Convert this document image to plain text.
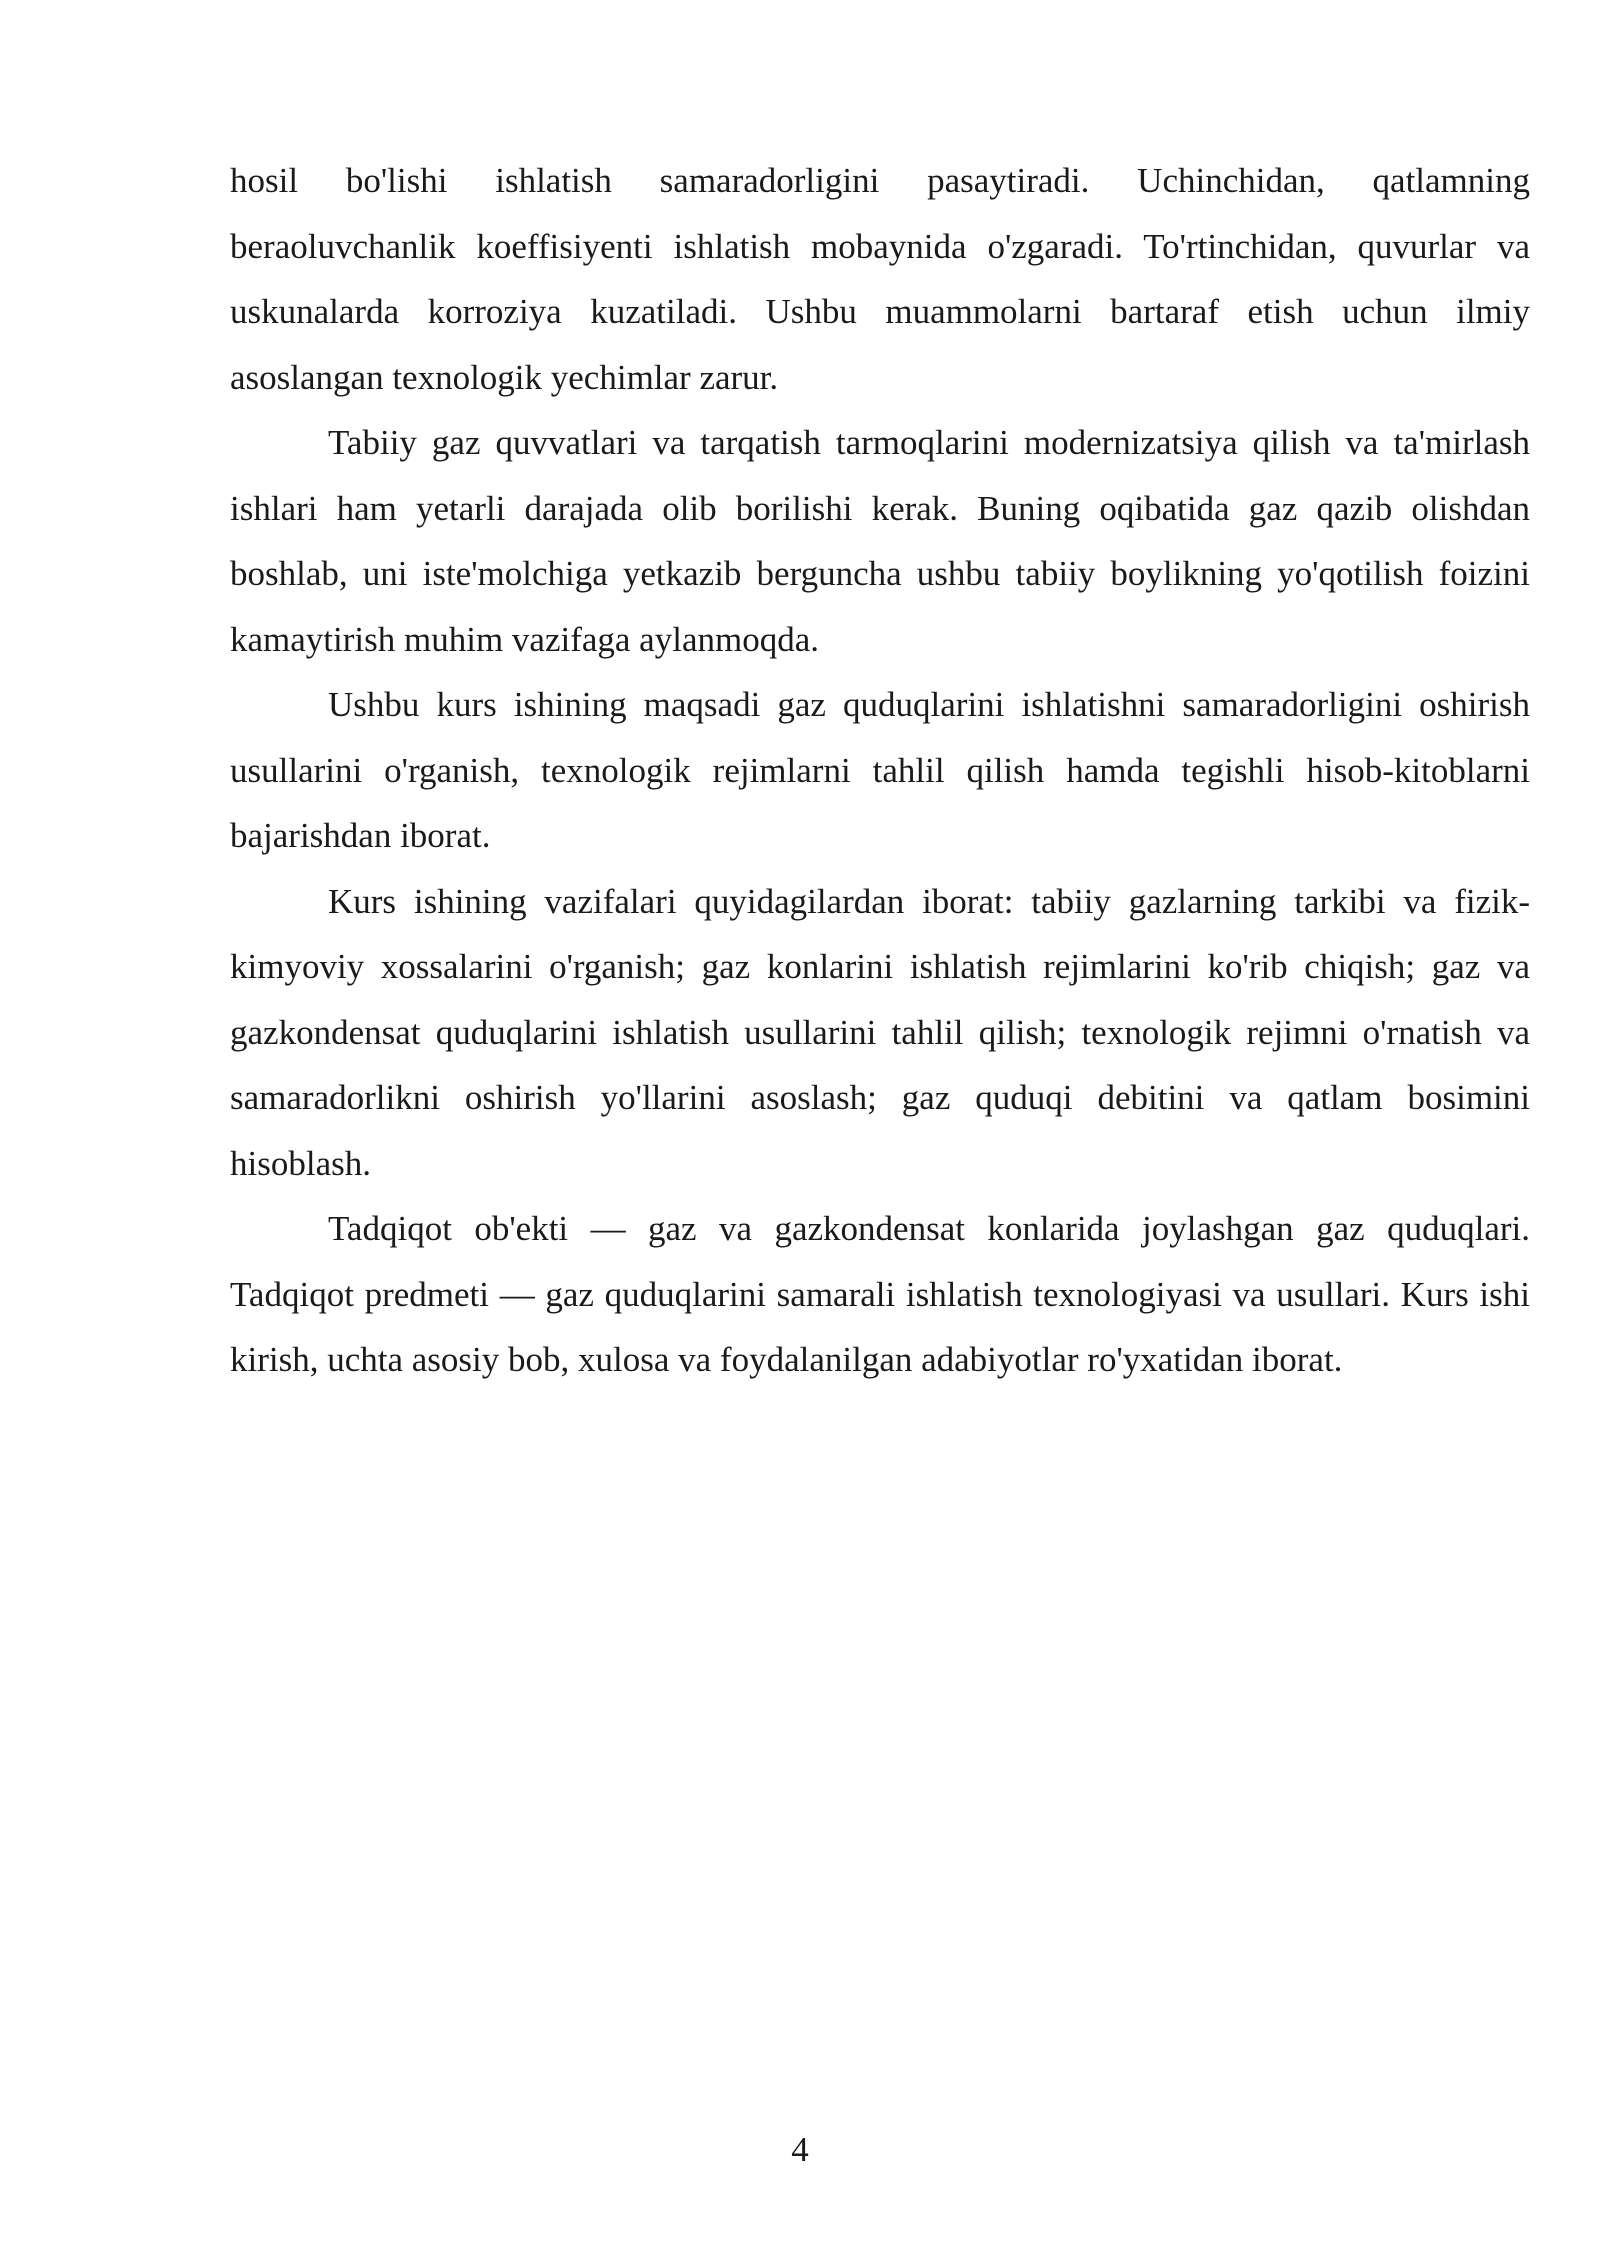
hosil bo'lishi ishlatish samaradorligini pasaytiradi. Uchinchidan, qatlamning beraoluvchanlik koeffisiyenti ishlatish mobaynida o'zgaradi. To'rtinchidan, quvurlar va uskunalarda korroziya kuzatiladi. Ushbu muammolarni bartaraf etish uchun ilmiy asoslangan texnologik yechimlar zarur.

Tabiiy gaz quvvatlari va tarqatish tarmoqlarini modernizatsiya qilish va ta'mirlash ishlari ham yetarli darajada olib borilishi kerak. Buning oqibatida gaz qazib olishdan boshlab, uni iste'molchiga yetkazib berguncha ushbu tabiiy boylikning yo'qotilish foizini kamaytirish muhim vazifaga aylanmoqda.

Ushbu kurs ishining maqsadi gaz quduqlarini ishlatishni samaradorligini oshirish usullarini o'rganish, texnologik rejimlarni tahlil qilish hamda tegishli hisob-kitoblarni bajarishdan iborat.

Kurs ishining vazifalari quyidagilardan iborat: tabiiy gazlarning tarkibi va fizik-kimyoviy xossalarini o'rganish; gaz konlarini ishlatish rejimlarini ko'rib chiqish; gaz va gazkondensat quduqlarini ishlatish usullarini tahlil qilish; texnologik rejimni o'rnatish va samaradorlikni oshirish yo'llarini asoslash; gaz quduqi debitini va qatlam bosimini hisoblash.

Tadqiqot ob'ekti — gaz va gazkondensat konlarida joylashgan gaz quduqlari. Tadqiqot predmeti — gaz quduqlarini samarali ishlatish texnologiyasi va usullari. Kurs ishi kirish, uchta asosiy bob, xulosa va foydalanilgan adabiyotlar ro'yxatidan iborat.

4
